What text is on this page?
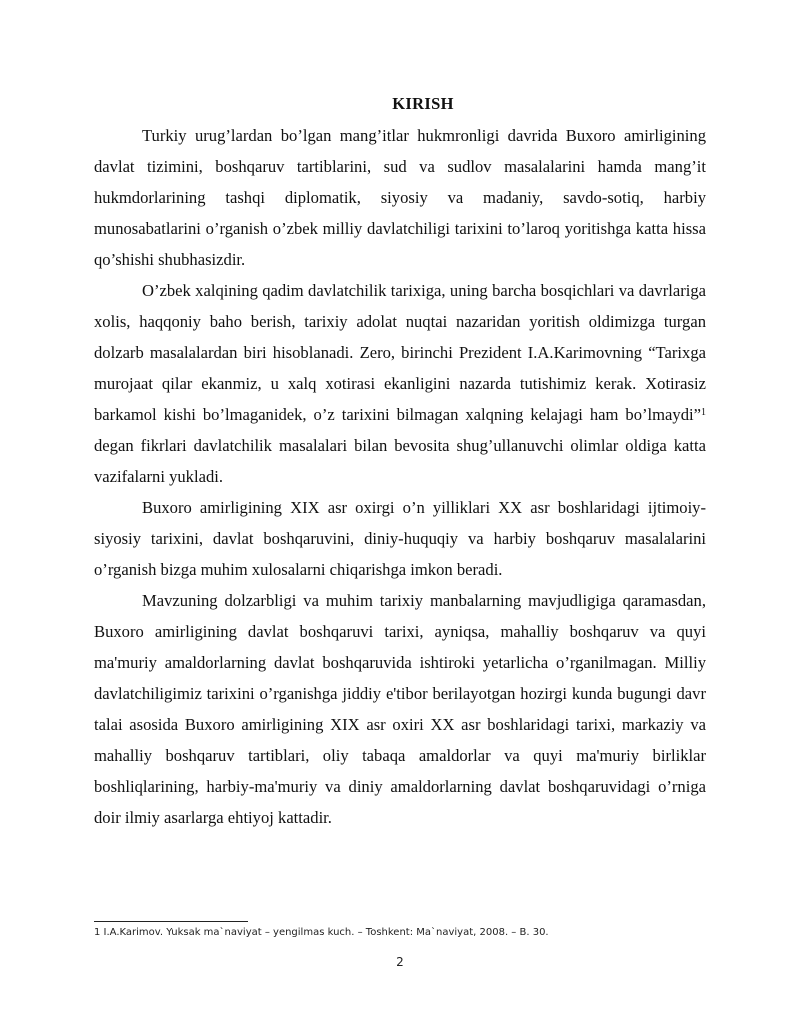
KIRISH

Turkiy urug’lardan bo’lgan mang’itlar hukmronligi davrida Buxoro amirligining davlat tizimini, boshqaruv tartiblarini, sud va sudlov masalalarini hamda mang’it hukmdorlarining tashqi diplomatik, siyosiy va madaniy, savdo-sotiq, harbiy munosabatlarini o’rganish o’zbek milliy davlatchiligi tarixini to’laroq yoritishga katta hissa qo’shishi shubhasizdir.

O’zbek xalqining qadim davlatchilik tarixiga, uning barcha bosqichlari va davrlariga xolis, haqqoniy baho berish, tarixiy adolat nuqtai nazaridan yoritish oldimizga turgan dolzarb masalalardan biri hisoblanadi. Zero, birinchi Prezident I.A.Karimovning “Tarixga murojaat qilar ekanmiz, u xalq xotirasi ekanligini nazarda tutishimiz kerak. Xotirasiz barkamol kishi bo’lmaganidek, o’z tarixini bilmagan xalqning kelajagi ham bo’lmaydi”$^1$ degan fikrlari davlatchilik masalalari bilan bevosita shug’ullanuvchi olimlar oldiga katta vazifalarni yukladi.

Buxoro amirligining XIX asr oxirgi o’n yilliklari XX asr boshlaridagi ijtimoiy-siyosiy tarixini, davlat boshqaruvini, diniy-huquqiy va harbiy boshqaruv masalalarini o’rganish bizga muhim xulosalarni chiqarishga imkon beradi.

Mavzuning dolzarbligi va muhim tarixiy manbalarning mavjudligiga qaramasdan, Buxoro amirligining davlat boshqaruvi tarixi, ayniqsa, mahalliy boshqaruv va quyi ma'muriy amaldorlarning davlat boshqaruvida ishtiroki yetarlicha o’rganilmagan. Milliy davlatchiligimiz tarixini o’rganishga jiddiy e'tibor berilayotgan hozirgi kunda bugungi davr talai asosida Buxoro amirligining XIX asr oxiri XX asr boshlaridagi tarixi, markaziy va mahalliy boshqaruv tartiblari, oliy tabaqa amaldorlar va quyi ma'muriy birliklar boshliqlarining, harbiy-ma'muriy va diniy amaldorlarning davlat boshqaruvidagi o’rniga doir ilmiy asarlarga ehtiyoj kattadir.

1 I.A.Karimov. Yuksak ma`naviyat – yengilmas kuch. – Toshkent: Ma`naviyat, 2008. – B. 30.
2
